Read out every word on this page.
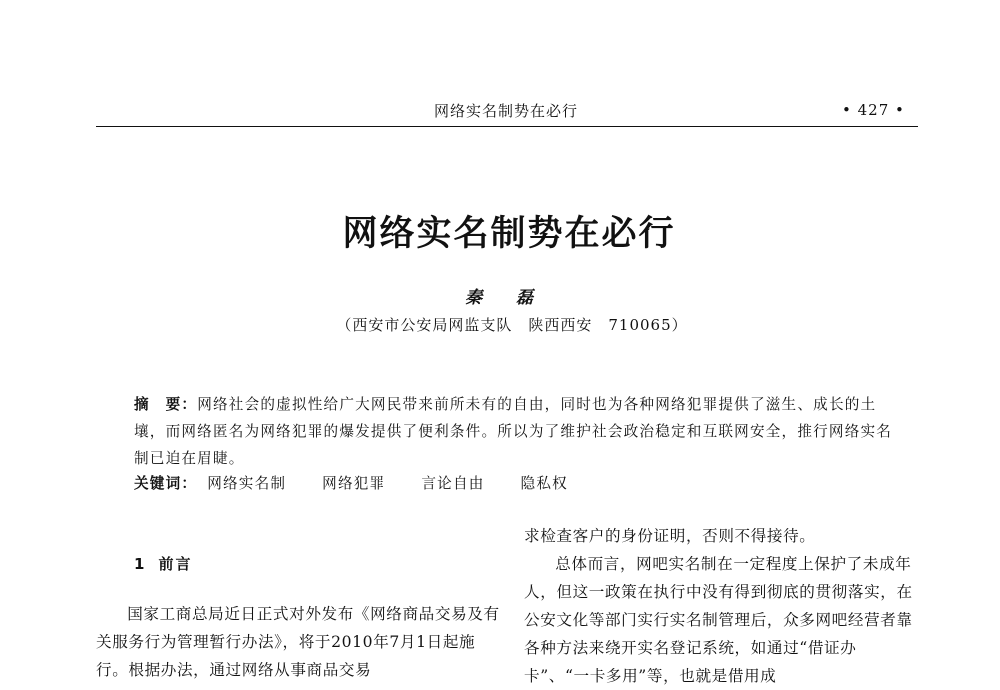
网络实名制势在必行	• 427 •
网络实名制势在必行
秦 磊
（西安市公安局网监支队　陕西西安　710065）
摘　要：网络社会的虚拟性给广大网民带来前所未有的自由，同时也为各种网络犯罪提供了滋生、成长的土壤，而网络匿名为网络犯罪的爆发提供了便利条件。所以为了维护社会政治稳定和互联网安全，推行网络实名制已迫在眉睫。
关键词： 网络实名制 网络犯罪 言论自由 隐私权
1 前言
国家工商总局近日正式对外发布《网络商品交易及有关服务行为管理暂行办法》，将于2010年7月1日起施行。根据办法，通过网络从事商品交易

求检查客户的身份证明，否则不得接待。

总体而言，网吧实名制在一定程度上保护了未成年人，但这一政策在执行中没有得到彻底的贯彻落实，在公安文化等部门实行实名制管理后，众多网吧经营者靠各种方法来绕开实名登记系统，如通过“借证办卡”、“一卡多用”等，也就是借用成
